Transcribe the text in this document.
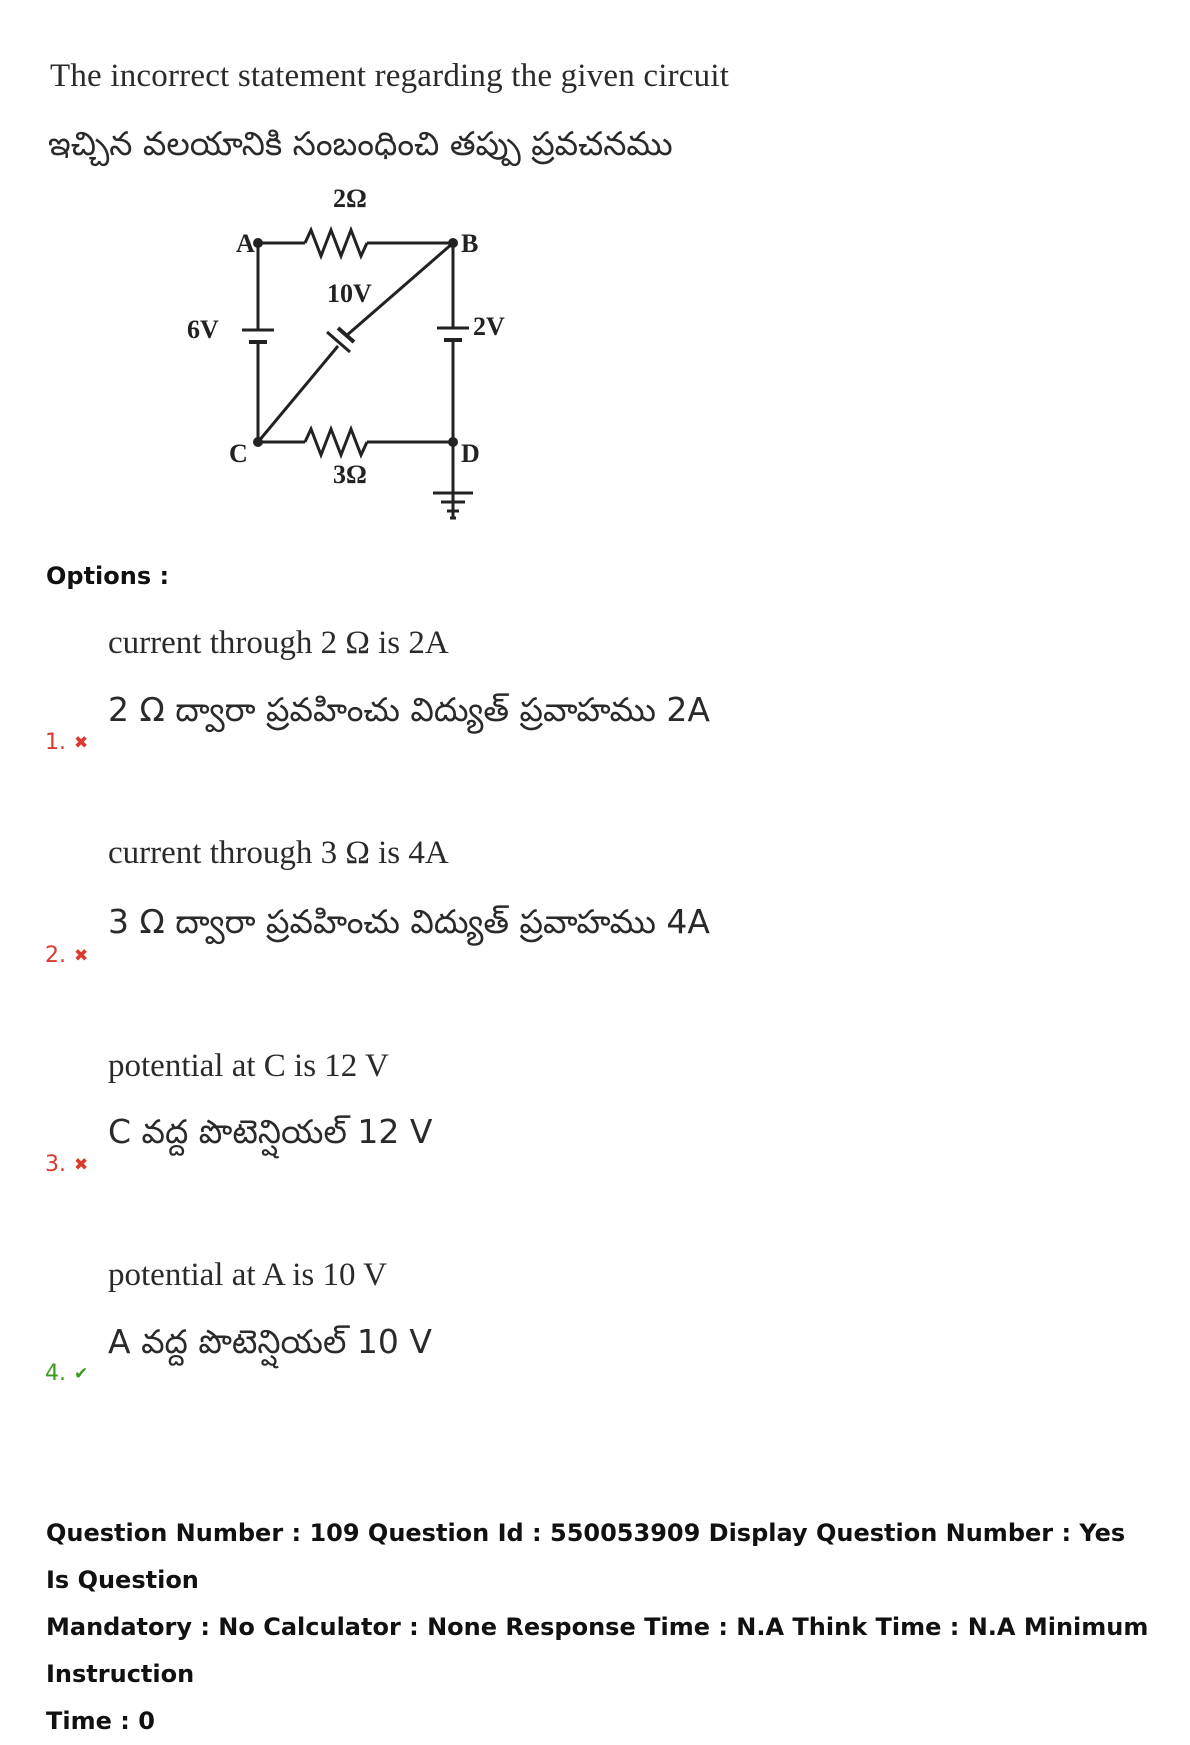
The incorrect statement regarding the given circuit
ఇచ్చిన వలయానికి సంబంధించి తప్పు ప్రవచనము
2Ω
3Ω
6V	2V
10V
A	B
C	D
Options :
current through 2 Ω is 2A
2 Ω ద్వారా ప్రవహించు విద్యుత్ ప్రవాహము 2A
1. ✖
current through 3 Ω is 4A
3 Ω ద్వారా ప్రవహించు విద్యుత్ ప్రవాహము 4A
2. ✖
potential at C is 12 V
C వద్ద పొటెన్షియల్ 12 V
3. ✖
potential at A is 10 V
A వద్ద పొటెన్షియల్ 10 V
4. ✔
Question Number : 109 Question Id : 550053909 Display Question Number : Yes Is Question
Mandatory : No Calculator : None Response Time : N.A Think Time : N.A Minimum Instruction
Time : 0
